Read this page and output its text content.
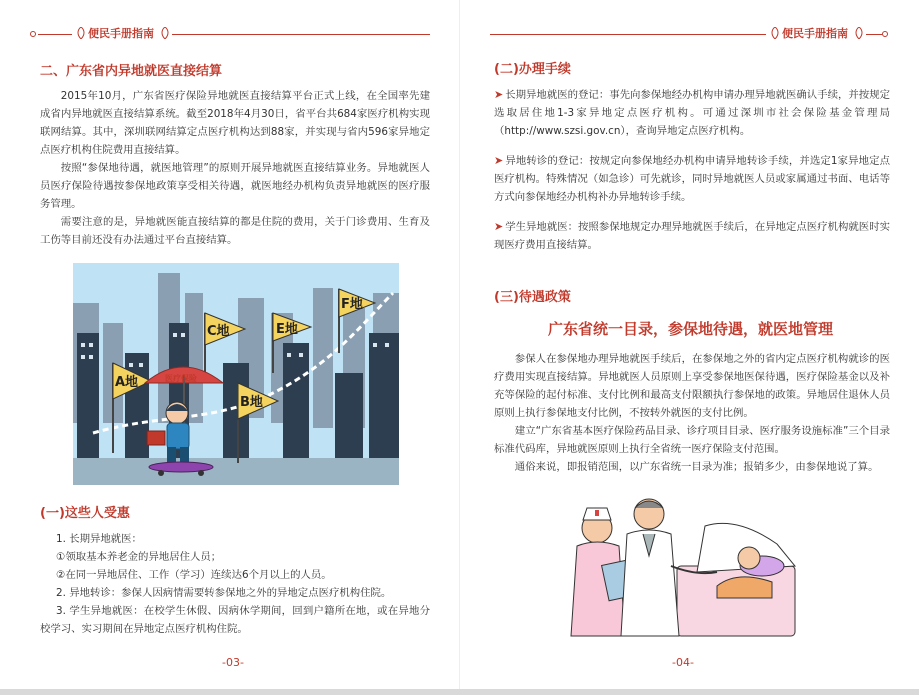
便民手册指南
二、广东省内异地就医直接结算

2015年10月，广东省医疗保险异地就医直接结算平台正式上线，在全国率先建成省内异地就医直接结算系统。截至2018年4月30日，省平台共684家医疗机构实现联网结算。其中，深圳联网结算定点医疗机构达到88家，并实现与省内596家异地定点医疗机构住院费用直接结算。

按照“参保地待遇，就医地管理”的原则开展异地就医直接结算业务。异地就医人员医疗保险待遇按参保地政策享受相关待遇，就医地经办机构负责异地就医的医疗服务管理。

需要注意的是，异地就医能直接结算的都是住院的费用，关于门诊费用、生育及工伤等目前还没有办法通过平台直接结算。

A地
B地
C地	E地
F地
医疗保险
(一)这些人受惠
1. 长期异地就医：
①领取基本养老金的异地居住人员；
②在同一异地居住、工作（学习）连续达6个月以上的人员。
2. 异地转诊：参保人因病情需要转参保地之外的异地定点医疗机构住院。

3. 学生异地就医：在校学生休假、因病休学期间，回到户籍所在地，或在异地分校学习、实习期间在异地定点医疗机构住院。

-03-
便民手册指南
(二)办理手续

➤ 长期异地就医的登记：事先向参保地经办机构申请办理异地就医确认手续，并按规定选取居住地1-3家异地定点医疗机构。可通过深圳市社会保险基金管理局（http://www.szsi.gov.cn），查询异地定点医疗机构。

➤ 异地转诊的登记：按规定向参保地经办机构申请异地转诊手续，并选定1家异地定点医疗机构。特殊情况（如急诊）可先就诊，同时异地就医人员或家属通过书面、电话等方式向参保地经办机构补办异地转诊手续。

➤ 学生异地就医：按照参保地规定办理异地就医手续后，在异地定点医疗机构就医时实现医疗费用直接结算。

(三)待遇政策
广东省统一目录，参保地待遇，就医地管理

参保人在参保地办理异地就医手续后，在参保地之外的省内定点医疗机构就诊的医疗费用实现直接结算。异地就医人员原则上享受参保地医保待遇，医疗保险基金以及补充等保险的起付标准、支付比例和最高支付限额执行参保地的政策。异地居住退休人员原则上执行参保地支付比例，不按转外就医的支付比例。

建立“广东省基本医疗保险药品目录、诊疗项目目录、医疗服务设施标准”三个目录标准代码库，异地就医原则上执行全省统一医疗保险支付范围。

通俗来说，即报销范围，以广东省统一目录为准；报销多少，由参保地说了算。

-04-
